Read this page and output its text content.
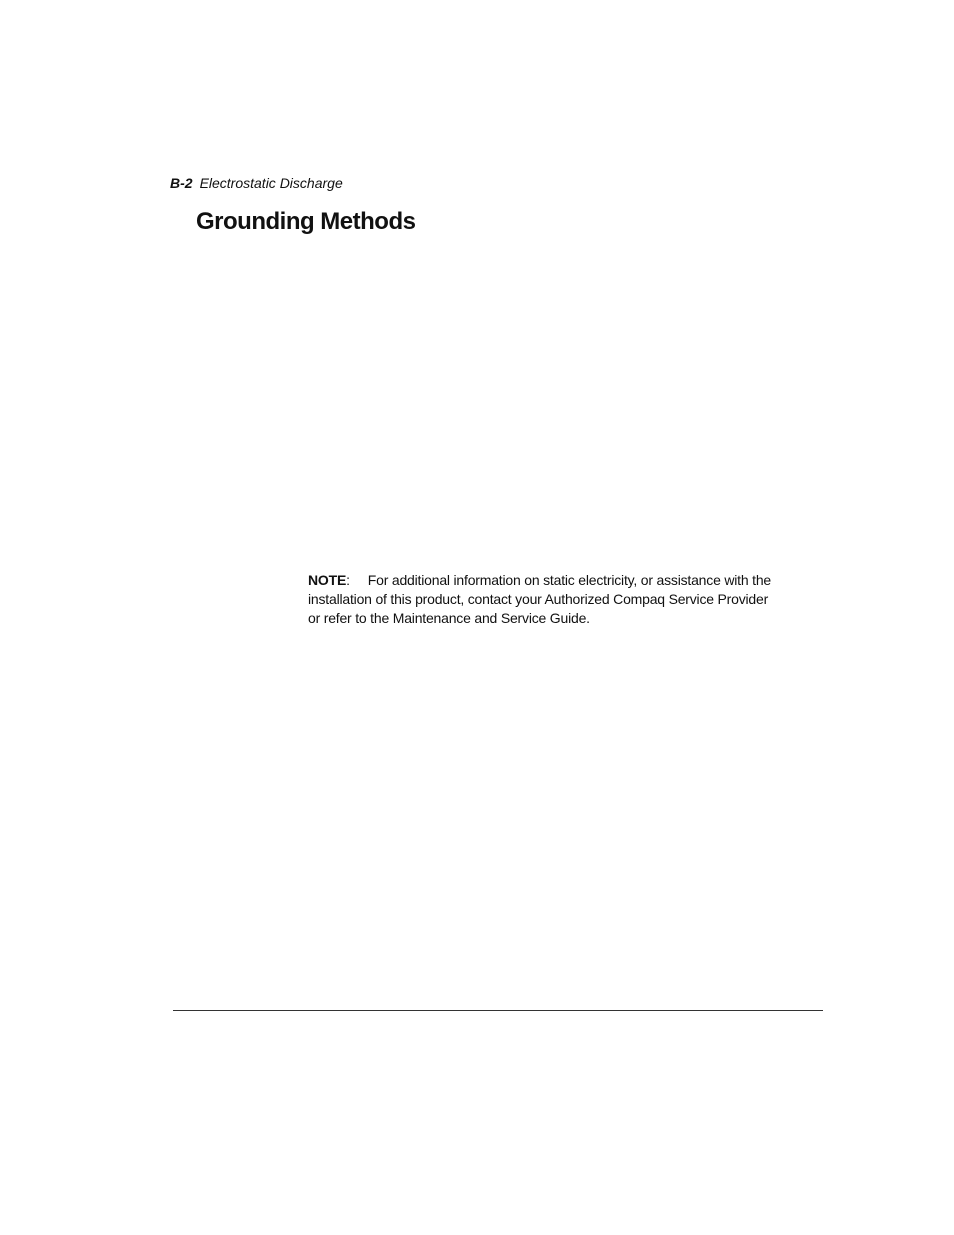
B-2 Electrostatic Discharge
Grounding Methods
NOTE: For additional information on static electricity, or assistance with the installation of this product, contact your Authorized Compaq Service Provider or refer to the Maintenance and Service Guide.
